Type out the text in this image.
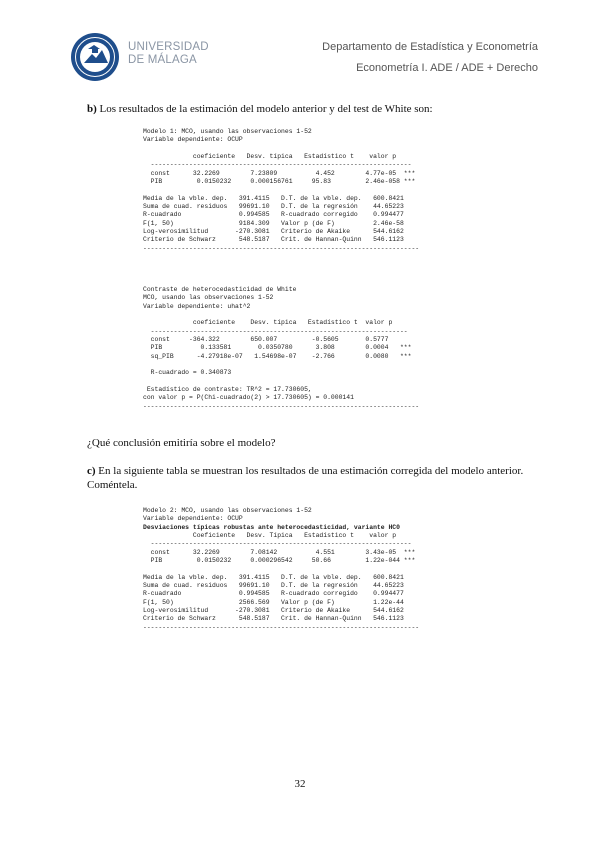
UNIVERSIDAD
DE MÁLAGA
Departamento de Estadística y Econometría
Econometría I. ADE / ADE + Derecho
b) Los resultados de la estimación del modelo anterior y del test de White son:
Modelo 1: MCO, usando las observaciones 1-52
Variable dependiente: OCUP

coeficiente   Desv. típica   Estadístico t    valor p
--------------------------------------------------------------------
const      32.2269        7.23809          4.452        4.77e-05  ***
PIB         0.0150232     0.000156761     95.83         2.46e-058 ***

Media de la vble. dep.   391.4115   D.T. de la vble. dep.   600.8421
Suma de cuad. residuos   99691.10   D.T. de la regresión    44.65223
R-cuadrado               0.994585   R-cuadrado corregido    0.994477
F(1, 50)                 9184.309   Valor p (de F)          2.46e-58
Log-verosimilitud       -270.3081   Criterio de Akaike      544.6162
Criterio de Schwarz      548.5187   Crit. de Hannan-Quinn   546.1123
------------------------------------------------------------------------
Contraste de heterocedasticidad de White
MCO, usando las observaciones 1-52
Variable dependiente: uhat^2

coeficiente    Desv. típica   Estadístico t  valor p
-------------------------------------------------------------------
const     -364.322        650.007         -0.5605       0.5777
PIB          0.133581       0.0350780      3.808        0.0004   ***
sq_PIB      -4.27918e-07   1.54698e-07    -2.766        0.0080   ***

R-cuadrado = 0.340873

Estadístico de contraste: TR^2 = 17.730605,
con valor p = P(Chi-cuadrado(2) > 17.730605) = 0.000141
------------------------------------------------------------------------
¿Qué conclusión emitiría sobre el modelo?
c) En la siguiente tabla se muestran los resultados de una estimación corregida del modelo anterior. Coméntela.
Modelo 2: MCO, usando las observaciones 1-52
Variable dependiente: OCUP
Desviaciones típicas robustas ante heterocedasticidad, variante HC0
Coeficiente   Desv. Típica   Estadístico t    valor p
--------------------------------------------------------------------
const      32.2269        7.08142          4.551        3.43e-05  ***
PIB         0.0150232     0.000296542     50.66         1.22e-044 ***

Media de la vble. dep.   391.4115   D.T. de la vble. dep.   600.8421
Suma de cuad. residuos   99691.10   D.T. de la regresión    44.65223
R-cuadrado               0.994585   R-cuadrado corregido    0.994477
F(1, 50)                 2566.569   Valor p (de F)          1.22e-44
Log-verosimilitud       -270.3081   Criterio de Akaike      544.6162
Criterio de Schwarz      548.5187   Crit. de Hannan-Quinn   546.1123
------------------------------------------------------------------------
32
